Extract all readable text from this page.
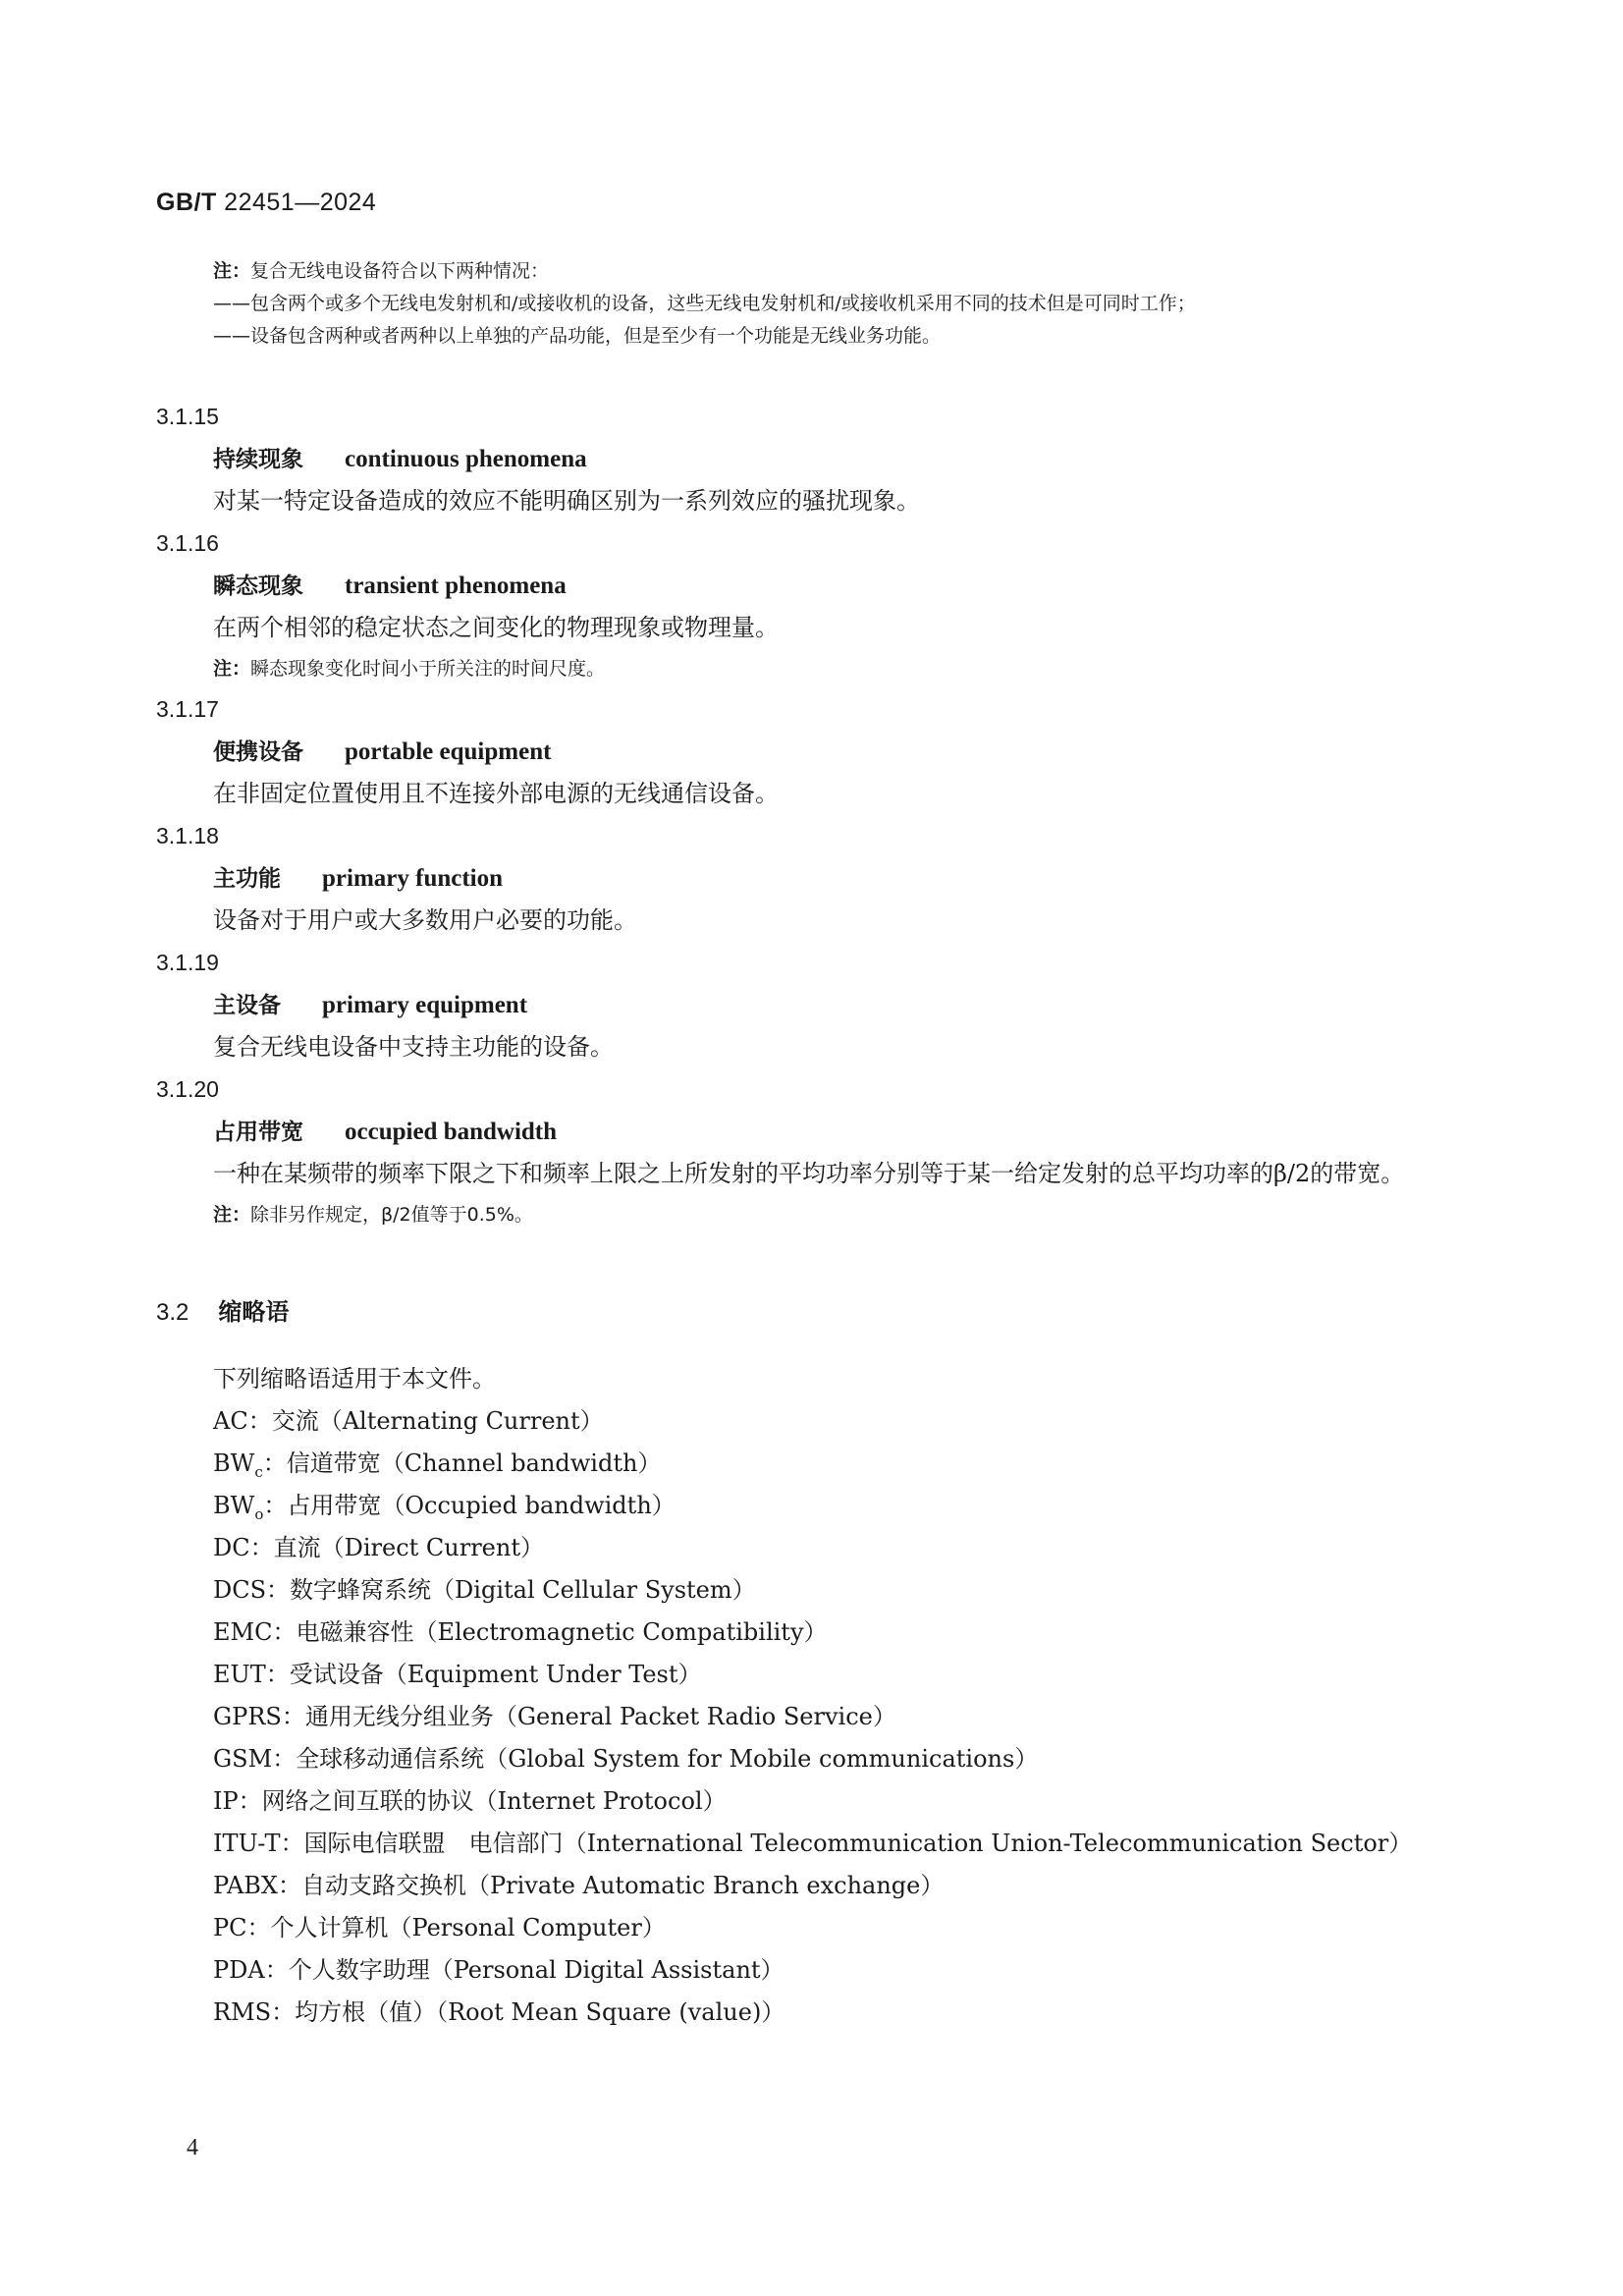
GB/T 22451—2024
注：复合无线电设备符合以下两种情况：
——包含两个或多个无线电发射机和/或接收机的设备，这些无线电发射机和/或接收机采用不同的技术但是可同时工作；
——设备包含两种或者两种以上单独的产品功能，但是至少有一个功能是无线业务功能。
3.1.15
持续现象 continuous phenomena
对某一特定设备造成的效应不能明确区别为一系列效应的骚扰现象。
3.1.16
瞬态现象 transient phenomena
在两个相邻的稳定状态之间变化的物理现象或物理量。
注：瞬态现象变化时间小于所关注的时间尺度。
3.1.17
便携设备 portable equipment
在非固定位置使用且不连接外部电源的无线通信设备。
3.1.18
主功能 primary function
设备对于用户或大多数用户必要的功能。
3.1.19
主设备 primary equipment
复合无线电设备中支持主功能的设备。
3.1.20
占用带宽 occupied bandwidth
一种在某频带的频率下限之下和频率上限之上所发射的平均功率分别等于某一给定发射的总平均功率的β/2的带宽。
注：除非另作规定，β/2值等于0.5%。
3.2 缩略语
下列缩略语适用于本文件。
AC：交流（Alternating Current）
$BW_c$：信道带宽（Channel bandwidth）
$BW_o$：占用带宽（Occupied bandwidth）
DC：直流（Direct Current）
DCS：数字蜂窝系统（Digital Cellular System）
EMC：电磁兼容性（Electromagnetic Compatibility）
EUT：受试设备（Equipment Under Test）
GPRS：通用无线分组业务（General Packet Radio Service）
GSM：全球移动通信系统（Global System for Mobile communications）
IP：网络之间互联的协议（Internet Protocol）
ITU-T：国际电信联盟　电信部门（International Telecommunication Union-Telecommunication Sector）
PABX：自动支路交换机（Private Automatic Branch exchange）
PC：个人计算机（Personal Computer）
PDA：个人数字助理（Personal Digital Assistant）
RMS：均方根（值）（Root Mean Square (value)）
4
